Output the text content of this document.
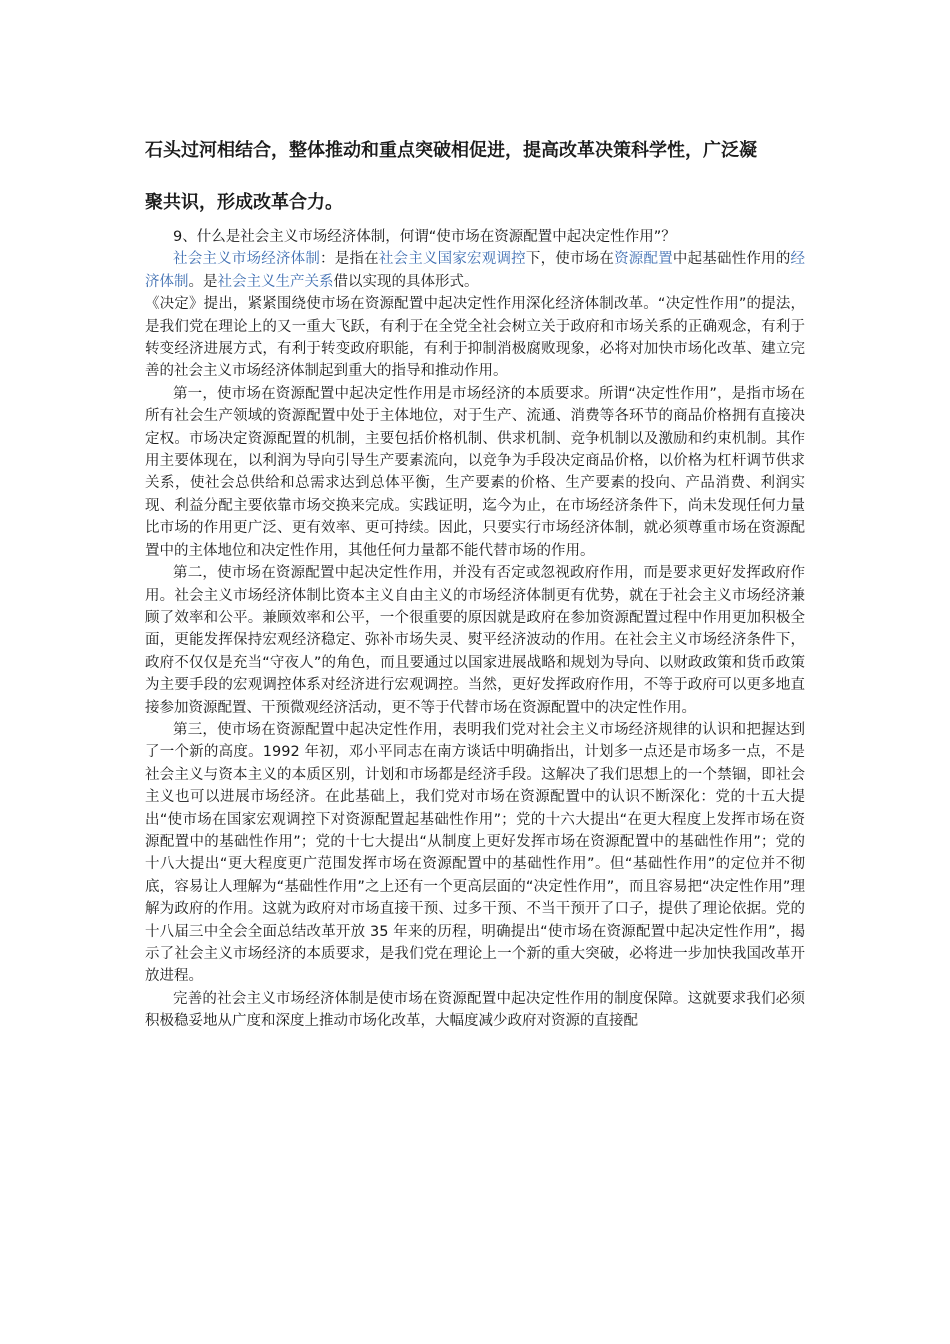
石头过河相结合，整体推动和重点突破相促进，提高改革决策科学性，广泛凝

聚共识，形成改革合力。

9、什么是社会主义市场经济体制，何谓“使市场在资源配置中起决定性作用”？

社会主义市场经济体制：是指在社会主义国家宏观调控下，使市场在资源配置中起基础性作用的经济体制。是社会主义生产关系借以实现的具体形式。

《决定》提出，紧紧围绕使市场在资源配置中起决定性作用深化经济体制改革。“决定性作用”的提法，是我们党在理论上的又一重大飞跃，有利于在全党全社会树立关于政府和市场关系的正确观念，有利于转变经济进展方式，有利于转变政府职能，有利于抑制消极腐败现象，必将对加快市场化改革、建立完善的社会主义市场经济体制起到重大的指导和推动作用。

第一，使市场在资源配置中起决定性作用是市场经济的本质要求。所谓“决定性作用”，是指市场在所有社会生产领域的资源配置中处于主体地位，对于生产、流通、消费等各环节的商品价格拥有直接决定权。市场决定资源配置的机制，主要包括价格机制、供求机制、竞争机制以及激励和约束机制。其作用主要体现在，以利润为导向引导生产要素流向，以竞争为手段决定商品价格，以价格为杠杆调节供求关系，使社会总供给和总需求达到总体平衡，生产要素的价格、生产要素的投向、产品消费、利润实现、利益分配主要依靠市场交换来完成。实践证明，迄今为止，在市场经济条件下，尚未发现任何力量比市场的作用更广泛、更有效率、更可持续。因此，只要实行市场经济体制，就必须尊重市场在资源配置中的主体地位和决定性作用，其他任何力量都不能代替市场的作用。

第二，使市场在资源配置中起决定性作用，并没有否定或忽视政府作用，而是要求更好发挥政府作用。社会主义市场经济体制比资本主义自由主义的市场经济体制更有优势，就在于社会主义市场经济兼顾了效率和公平。兼顾效率和公平，一个很重要的原因就是政府在参加资源配置过程中作用更加积极全面，更能发挥保持宏观经济稳定、弥补市场失灵、熨平经济波动的作用。在社会主义市场经济条件下，政府不仅仅是充当“守夜人”的角色，而且要通过以国家进展战略和规划为导向、以财政政策和货币政策为主要手段的宏观调控体系对经济进行宏观调控。当然，更好发挥政府作用，不等于政府可以更多地直接参加资源配置、干预微观经济活动，更不等于代替市场在资源配置中的决定性作用。

第三，使市场在资源配置中起决定性作用，表明我们党对社会主义市场经济规律的认识和把握达到了一个新的高度。1992 年初，邓小平同志在南方谈话中明确指出，计划多一点还是市场多一点，不是社会主义与资本主义的本质区别，计划和市场都是经济手段。这解决了我们思想上的一个禁锢，即社会主义也可以进展市场经济。在此基础上，我们党对市场在资源配置中的认识不断深化：党的十五大提出“使市场在国家宏观调控下对资源配置起基础性作用”；党的十六大提出“在更大程度上发挥市场在资源配置中的基础性作用”；党的十七大提出“从制度上更好发挥市场在资源配置中的基础性作用”；党的十八大提出“更大程度更广范围发挥市场在资源配置中的基础性作用”。但“基础性作用”的定位并不彻底，容易让人理解为“基础性作用”之上还有一个更高层面的“决定性作用”，而且容易把“决定性作用”理解为政府的作用。这就为政府对市场直接干预、过多干预、不当干预开了口子，提供了理论依据。党的十八届三中全会全面总结改革开放 35 年来的历程，明确提出“使市场在资源配置中起决定性作用”，揭示了社会主义市场经济的本质要求，是我们党在理论上一个新的重大突破，必将进一步加快我国改革开放进程。

完善的社会主义市场经济体制是使市场在资源配置中起决定性作用的制度保障。这就要求我们必须积极稳妥地从广度和深度上推动市场化改革，大幅度减少政府对资源的直接配
